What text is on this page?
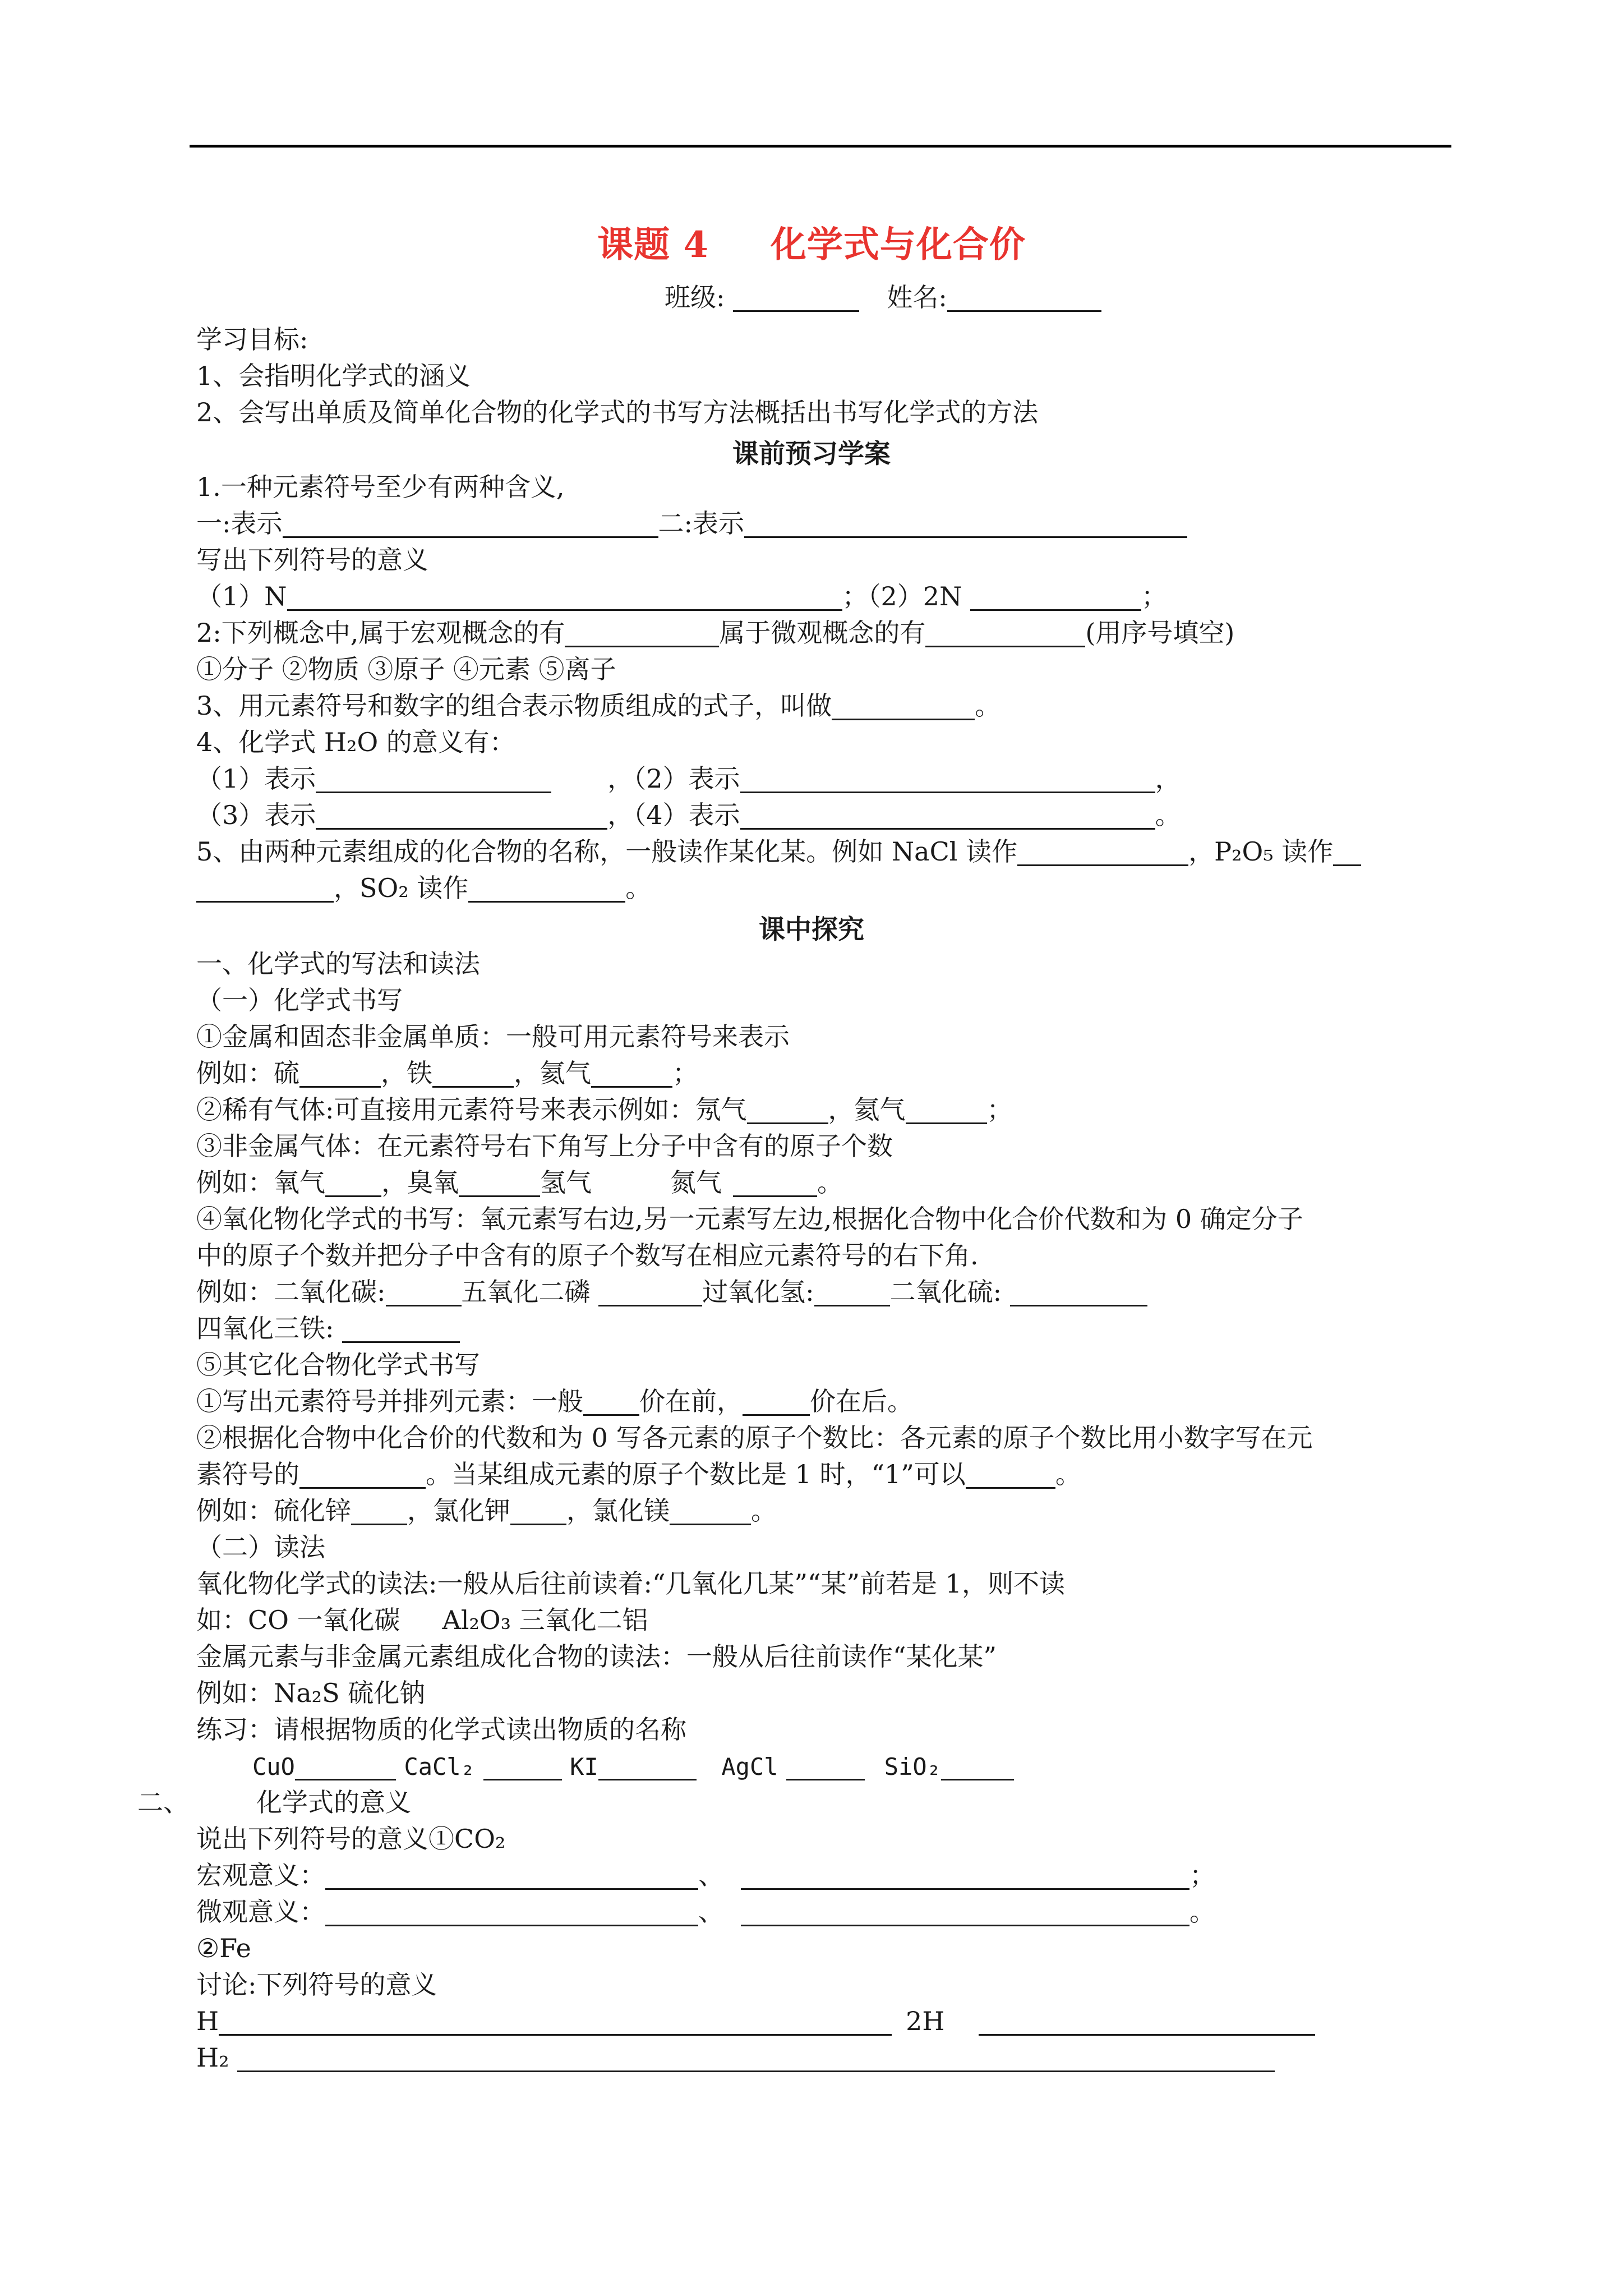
课题 4 化学式与化合价
班级:	姓名:
学习目标:
1、会指明化学式的涵义
2、会写出单质及简单化合物的化学式的书写方法概括出书写化学式的方法
课前预习学案
1.一种元素符号至少有两种含义,
一:表示	二:表示
写出下列符号的意义
（1）N	；（2）2N	；
2:下列概念中,属于宏观概念的有	属于微观概念的有	(用序号填空)
①分子 ②物质 ③原子 ④元素 ⑤离子
3、用元素符号和数字的组合表示物质组成的式子，叫做	。
4、化学式 H₂O 的意义有：
（1）表示	，（2）表示	，
（3）表示	，（4）表示	。
5、由两种元素组成的化合物的名称，一般读作某化某。例如 NaCl 读作	，P₂O₅ 读作
，SO₂ 读作	。
课中探究
一、化学式的写法和读法
（一）化学式书写
①金属和固态非金属单质：一般可用元素符号来表示
例如：硫	，铁	，氦气	；
②稀有气体:可直接用元素符号来表示例如：氖气	，氦气	；
③非金属气体：在元素符号右下角写上分子中含有的原子个数
例如：氧气 ，臭氧	氢气	氮气	。
④氧化物化学式的书写：氧元素写右边,另一元素写左边,根据化合物中化合价代数和为 0 确定分子
中的原子个数并把分子中含有的原子个数写在相应元素符号的右下角.
例如：二氧化碳:	五氧化二磷	过氧化氢:	二氧化硫:
四氧化三铁:
⑤其它化合物化学式书写
①写出元素符号并排列元素：一般 价在前，	价在后。
②根据化合物中化合价的代数和为 0 写各元素的原子个数比：各元素的原子个数比用小数字写在元
素符号的	。当某组成元素的原子个数比是 1 时，“1”可以	。
例如：硫化锌 ，氯化钾 ，氯化镁	。
（二）读法
氧化物化学式的读法:一般从后往前读着:“几氧化几某”“某”前若是 1，则不读
如：CO 一氧化碳 Al₂O₃ 三氧化二铝
金属元素与非金属元素组成化合物的读法：一般从后往前读作“某化某”
例如：Na₂S 硫化钠
练习：请根据物质的化学式读出物质的名称
CuO	CaCl₂	KI	AgCl	SiO₂
二、	化学式的意义
说出下列符号的意义①CO₂
宏观意义：	、	；
微观意义：	、	。
②Fe
讨论:下列符号的意义
H	2H
H₂
